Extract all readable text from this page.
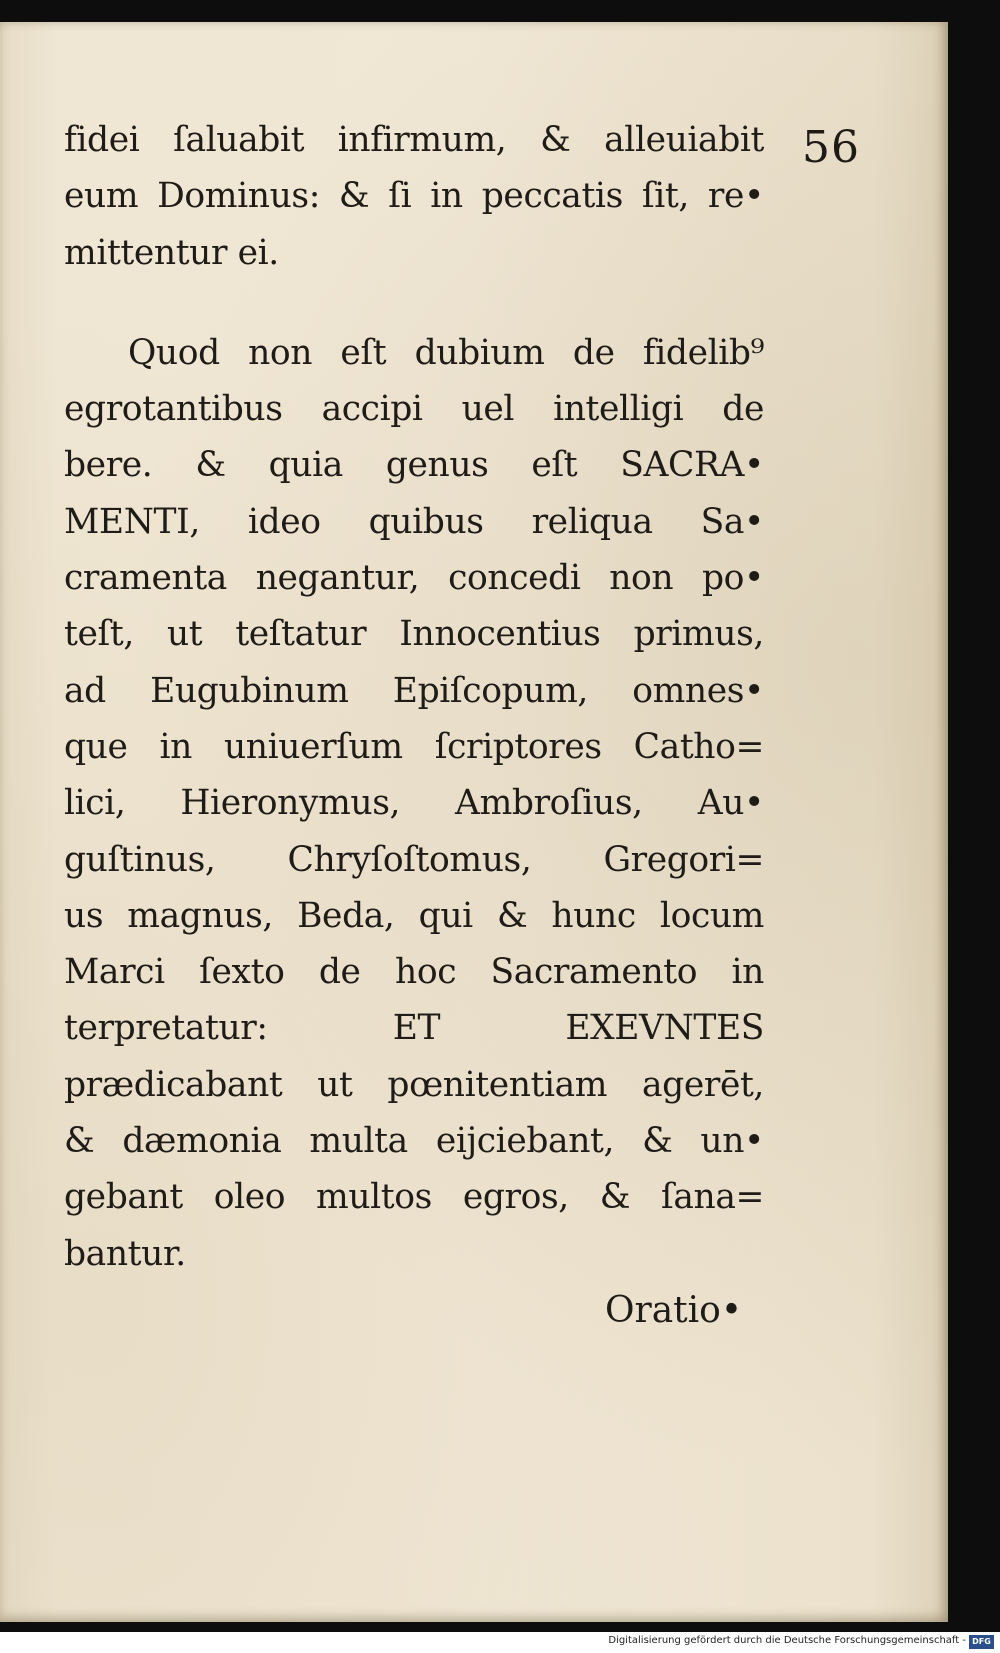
56
fidei ſaluabit infirmum, & alleuiabit
eum Dominus: & ſi in peccatis ſit, re•
mittentur ei.
Quod non eſt dubium de fidelib⁹
egrotantibus accipi uel intelligi de
bere. & quia genus eſt SACRA•
MENTI, ideo quibus reliqua Sa•
cramenta negantur, concedi non po•
teſt, ut teſtatur Innocentius primus,
ad Eugubinum Epiſcopum, omnes•
que in uniuerſum ſcriptores Catho=
lici, Hieronymus, Ambroſius, Au•
guſtinus, Chryſoſtomus, Gregori=
us magnus, Beda, qui & hunc locum
Marci ſexto de hoc Sacramento in
terpretatur: ET EXEVNTES
prædicabant ut pœnitentiam agerēt,
& dæmonia multa eijciebant, & un•
gebant oleo multos egros, & ſana=
bantur.
Oratio•
Digitalisierung gefördert durch die Deutsche Forschungsgemeinschaft - DFG
